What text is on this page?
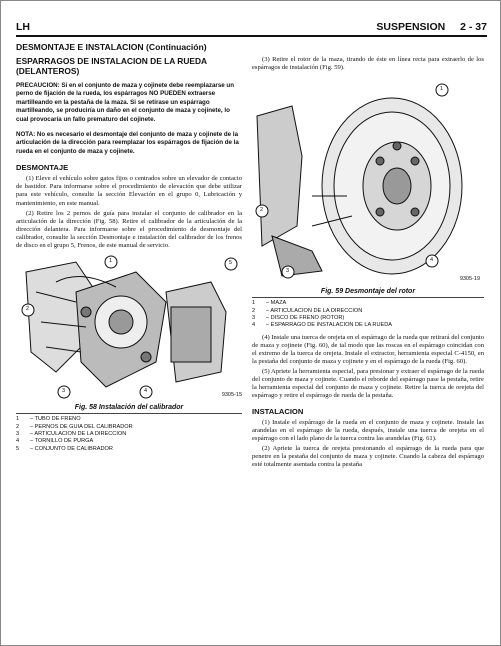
LH	SUSPENSION 2 - 37
DESMONTAJE E INSTALACION (Continuación)
ESPARRAGOS DE INSTALACION DE LA RUEDA (DELANTEROS)
PRECAUCION: Si en el conjunto de maza y cojinete debe reemplazarse un perno de fijación de la rueda, los espárragos NO PUEDEN extraerse martilleando en la pestaña de la maza. Si se retirase un espárrago martilleando, se produciría un daño en el conjunto de maza y cojinete, lo cual provocaría un fallo prematuro del cojinete.
NOTA: No es necesario el desmontaje del conjunto de maza y cojinete de la articulación de la dirección para reemplazar los espárragos de fijación de la rueda en el conjunto de maza y cojinete.
DESMONTAJE

(1) Eleve el vehículo sobre gatos fijos o centrados sobre un elevador de contacto de bastidor. Para informarse sobre el procedimiento de elevación que debe utilizar para este vehículo, consulte la sección Elevación en el grupo 0, Lubricación y mantenimiento, en este manual.

(2) Retire los 2 pernos de guía para instalar el conjunto de calibrador en la articulación de la dirección (Fig. 58). Retire el calibrador de la articulación de la dirección delantera. Para informarse sobre el procedimiento de desmontaje del calibrador, consulte la sección Desmontaje e instalación del calibrador de los frenos de disco en el grupo 5, Frenos, de este manual de servicio.

1
2
3	4
5
9305-15
Fig. 58 Instalación del calibrador
1 – TUBO DE FRENO
2 – PERNOS DE GUIA DEL CALIBRADOR
3 – ARTICULACION DE LA DIRECCION
4 – TORNILLO DE PURGA
5 – CONJUNTO DE CALIBRADOR

(3) Retire el rotor de la maza, tirando de éste en línea recta para extraerlo de los espárragos de instalación (Fig. 59).

1
2
3
4
9305-19
Fig. 59 Desmontaje del rotor
1 – MAZA
2 – ARTICULACION DE LA DIRECCION
3 – DISCO DE FRENO (ROTOR)
4 – ESPARRAGO DE INSTALACION DE LA RUEDA

(4) Instale una tuerca de orejeta en el espárrago de la rueda que retirará del conjunto de maza y cojinete (Fig. 60), de tal modo que las roscas en el espárrago coincidan con el extremo de la tuerca de orejeta. Instale el extractor, herramienta especial C-4150, en la pestaña del conjunto de maza y cojinete y en el espárrago de la rueda (Fig. 60).

(5) Apriete la herramienta especial, para presionar y extraer el espárrago de la rueda del conjunto de maza y cojinete. Cuando el reborde del espárrago pase la pestaña, retire la herramienta especial del conjunto de maza y cojinete. Retire la tuerca de orejeta del espárrago y retire el espárrago de rueda de la pestaña.

INSTALACION

(1) Instale el espárrago de la rueda en el conjunto de maza y cojinete. Instale las arandelas en el espárrago de la rueda, después, instale una tuerca de orejeta en el espárrago con el lado plano de la tuerca contra las arandelas (Fig. 61).

(2) Apriete la tuerca de orejeta presionando el espárrago de la rueda para que penetre en la pestaña del conjunto de maza y cojinete. Cuando la cabeza del espárrago esté totalmente asentada contra la pestaña
